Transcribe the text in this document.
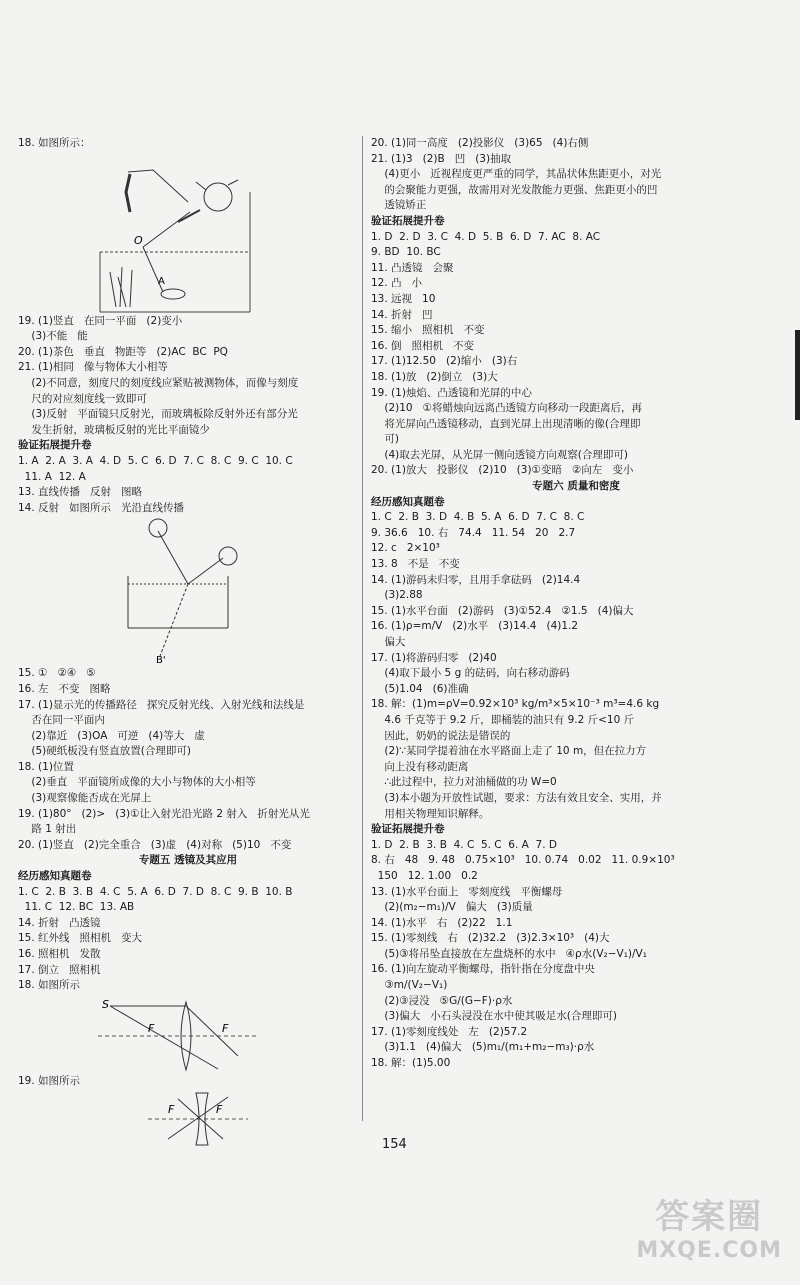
18. 如图所示：
O
A
19. (1)竖直   在同一平面   (2)变小
(3)不能   能
20. (1)茶色   垂直   物距等   (2)AC  BC  PQ
21. (1)相同   像与物体大小相等
(2)不同意，刻度尺的刻度线应紧贴被测物体，而像与刻度
尺的对应刻度线一致即可
(3)反射   平面镜只反射光，而玻璃板除反射外还有部分光
发生折射，玻璃板反射的光比平面镜少
验证拓展提升卷
1. A  2. A  3. A  4. D  5. C  6. D  7. C  8. C  9. C  10. C
11. A  12. A
13. 直线传播   反射   图略
14. 反射   如图所示   光沿直线传播
B'
15. ①   ②④   ⑤
16. 左   不变   图略
17. (1)显示光的传播路径   探究反射光线、入射光线和法线是
否在同一平面内
(2)靠近   (3)OA   可逆   (4)等大   虚
(5)硬纸板没有竖直放置(合理即可)
18. (1)位置
(2)垂直   平面镜所成像的大小与物体的大小相等
(3)观察像能否成在光屏上
19. (1)80°   (2)>   (3)①让入射光沿光路 2 射入   折射光从光
路 1 射出
20. (1)竖直   (2)完全重合   (3)虚   (4)对称   (5)10   不变
专题五 透镜及其应用
经历感知真题卷
1. C  2. B  3. B  4. C  5. A  6. D  7. D  8. C  9. B  10. B
11. C  12. BC  13. AB
14. 折射   凸透镜
15. 红外线   照相机   变大
16. 照相机   发散
17. 倒立   照相机
18. 如图所示
S
F	F
19. 如图所示
F	F
20. (1)同一高度   (2)投影仪   (3)65   (4)右侧
21. (1)3   (2)B   凹   (3)抽取
(4)更小   近视程度更严重的同学，其晶状体焦距更小，对光
的会聚能力更强，故需用对光发散能力更强、焦距更小的凹
透镜矫正
验证拓展提升卷
1. D  2. D  3. C  4. D  5. B  6. D  7. AC  8. AC
9. BD  10. BC
11. 凸透镜   会聚
12. 凸   小
13. 远视   10
14. 折射   凹
15. 缩小   照相机   不变
16. 倒   照相机   不变
17. (1)12.50   (2)缩小   (3)右
18. (1)放   (2)倒立   (3)大
19. (1)烛焰、凸透镜和光屏的中心
(2)10   ①将蜡烛向远离凸透镜方向移动一段距离后，再
将光屏向凸透镜移动，直到光屏上出现清晰的像(合理即
可)
(4)取去光屏，从光屏一侧向透镜方向观察(合理即可)
20. (1)放大   投影仪   (2)10   (3)①变暗   ②向左   变小
专题六 质量和密度
经历感知真题卷
1. C  2. B  3. D  4. B  5. A  6. D  7. C  8. C
9. 36.6   10. 右   74.4   11. 54   20   2.7
12. c   2×10³
13. 8   不是   不变
14. (1)游码未归零，且用手拿砝码   (2)14.4
(3)2.88
15. (1)水平台面   (2)游码   (3)①52.4   ②1.5   (4)偏大
16. (1)ρ=m/V   (2)水平   (3)14.4   (4)1.2
偏大
17. (1)将游码归零   (2)40
(4)取下最小 5 g 的砝码，向右移动游码
(5)1.04   (6)准确
18. 解：(1)m=ρV=0.92×10³ kg/m³×5×10⁻³ m³=4.6 kg
4.6 千克等于 9.2 斤，即桶装的油只有 9.2 斤<10 斤
因此，奶奶的说法是错误的
(2)∵某同学提着油在水平路面上走了 10 m，但在拉力方
向上没有移动距离
∴此过程中，拉力对油桶做的功 W=0
(3)本小题为开放性试题，要求：方法有效且安全、实用，并
用相关物理知识解释。
验证拓展提升卷
1. D  2. B  3. B  4. C  5. C  6. A  7. D
8. 右   48   9. 48   0.75×10³   10. 0.74   0.02   11. 0.9×10³
150   12. 1.00   0.2
13. (1)水平台面上   零刻度线   平衡螺母
(2)(m₂−m₁)/V   偏大   (3)质量
14. (1)水平   右   (2)22   1.1
15. (1)零刻线   右   (2)32.2   (3)2.3×10³   (4)大
(5)③将吊坠直接放在左盘烧杯的水中   ④ρ水(V₂−V₁)/V₁
16. (1)向左旋动平衡螺母，指针指在分度盘中央
③m/(V₂−V₁)
(2)③浸没   ⑤G/(G−F)·ρ水
(3)偏大   小石头浸没在水中使其吸足水(合理即可)
17. (1)零刻度线处   左   (2)57.2
(3)1.1   (4)偏大   (5)m₁/(m₁+m₂−m₃)·ρ水
18. 解：(1)5.00
154
答案圈
MXQE.COM
